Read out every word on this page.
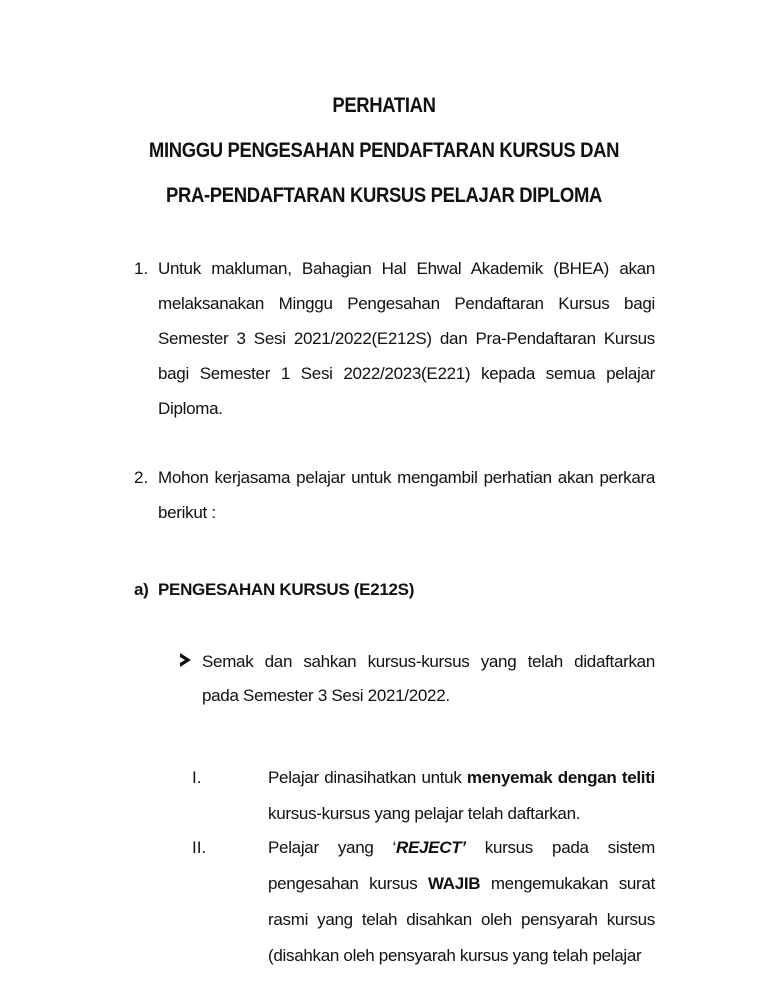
PERHATIAN
MINGGU PENGESAHAN PENDAFTARAN KURSUS DAN
PRA-PENDAFTARAN KURSUS PELAJAR DIPLOMA
1. Untuk makluman, Bahagian Hal Ehwal Akademik (BHEA) akan melaksanakan Minggu Pengesahan Pendaftaran Kursus bagi Semester 3 Sesi 2021/2022(E212S) dan Pra-Pendaftaran Kursus bagi Semester 1 Sesi 2022/2023(E221) kepada semua pelajar Diploma.
2. Mohon kerjasama pelajar untuk mengambil perhatian akan perkara berikut :
a) PENGESAHAN KURSUS (E212S)
Semak dan sahkan kursus-kursus yang telah didaftarkan pada Semester 3 Sesi 2021/2022.
I.	Pelajar dinasihatkan untuk menyemak dengan teliti kursus-kursus yang pelajar telah daftarkan.
II.	Pelajar yang ‘REJECT’ kursus pada sistem pengesahan kursus WAJIB mengemukakan surat rasmi yang telah disahkan oleh pensyarah kursus (disahkan oleh pensyarah kursus yang telah pelajar
